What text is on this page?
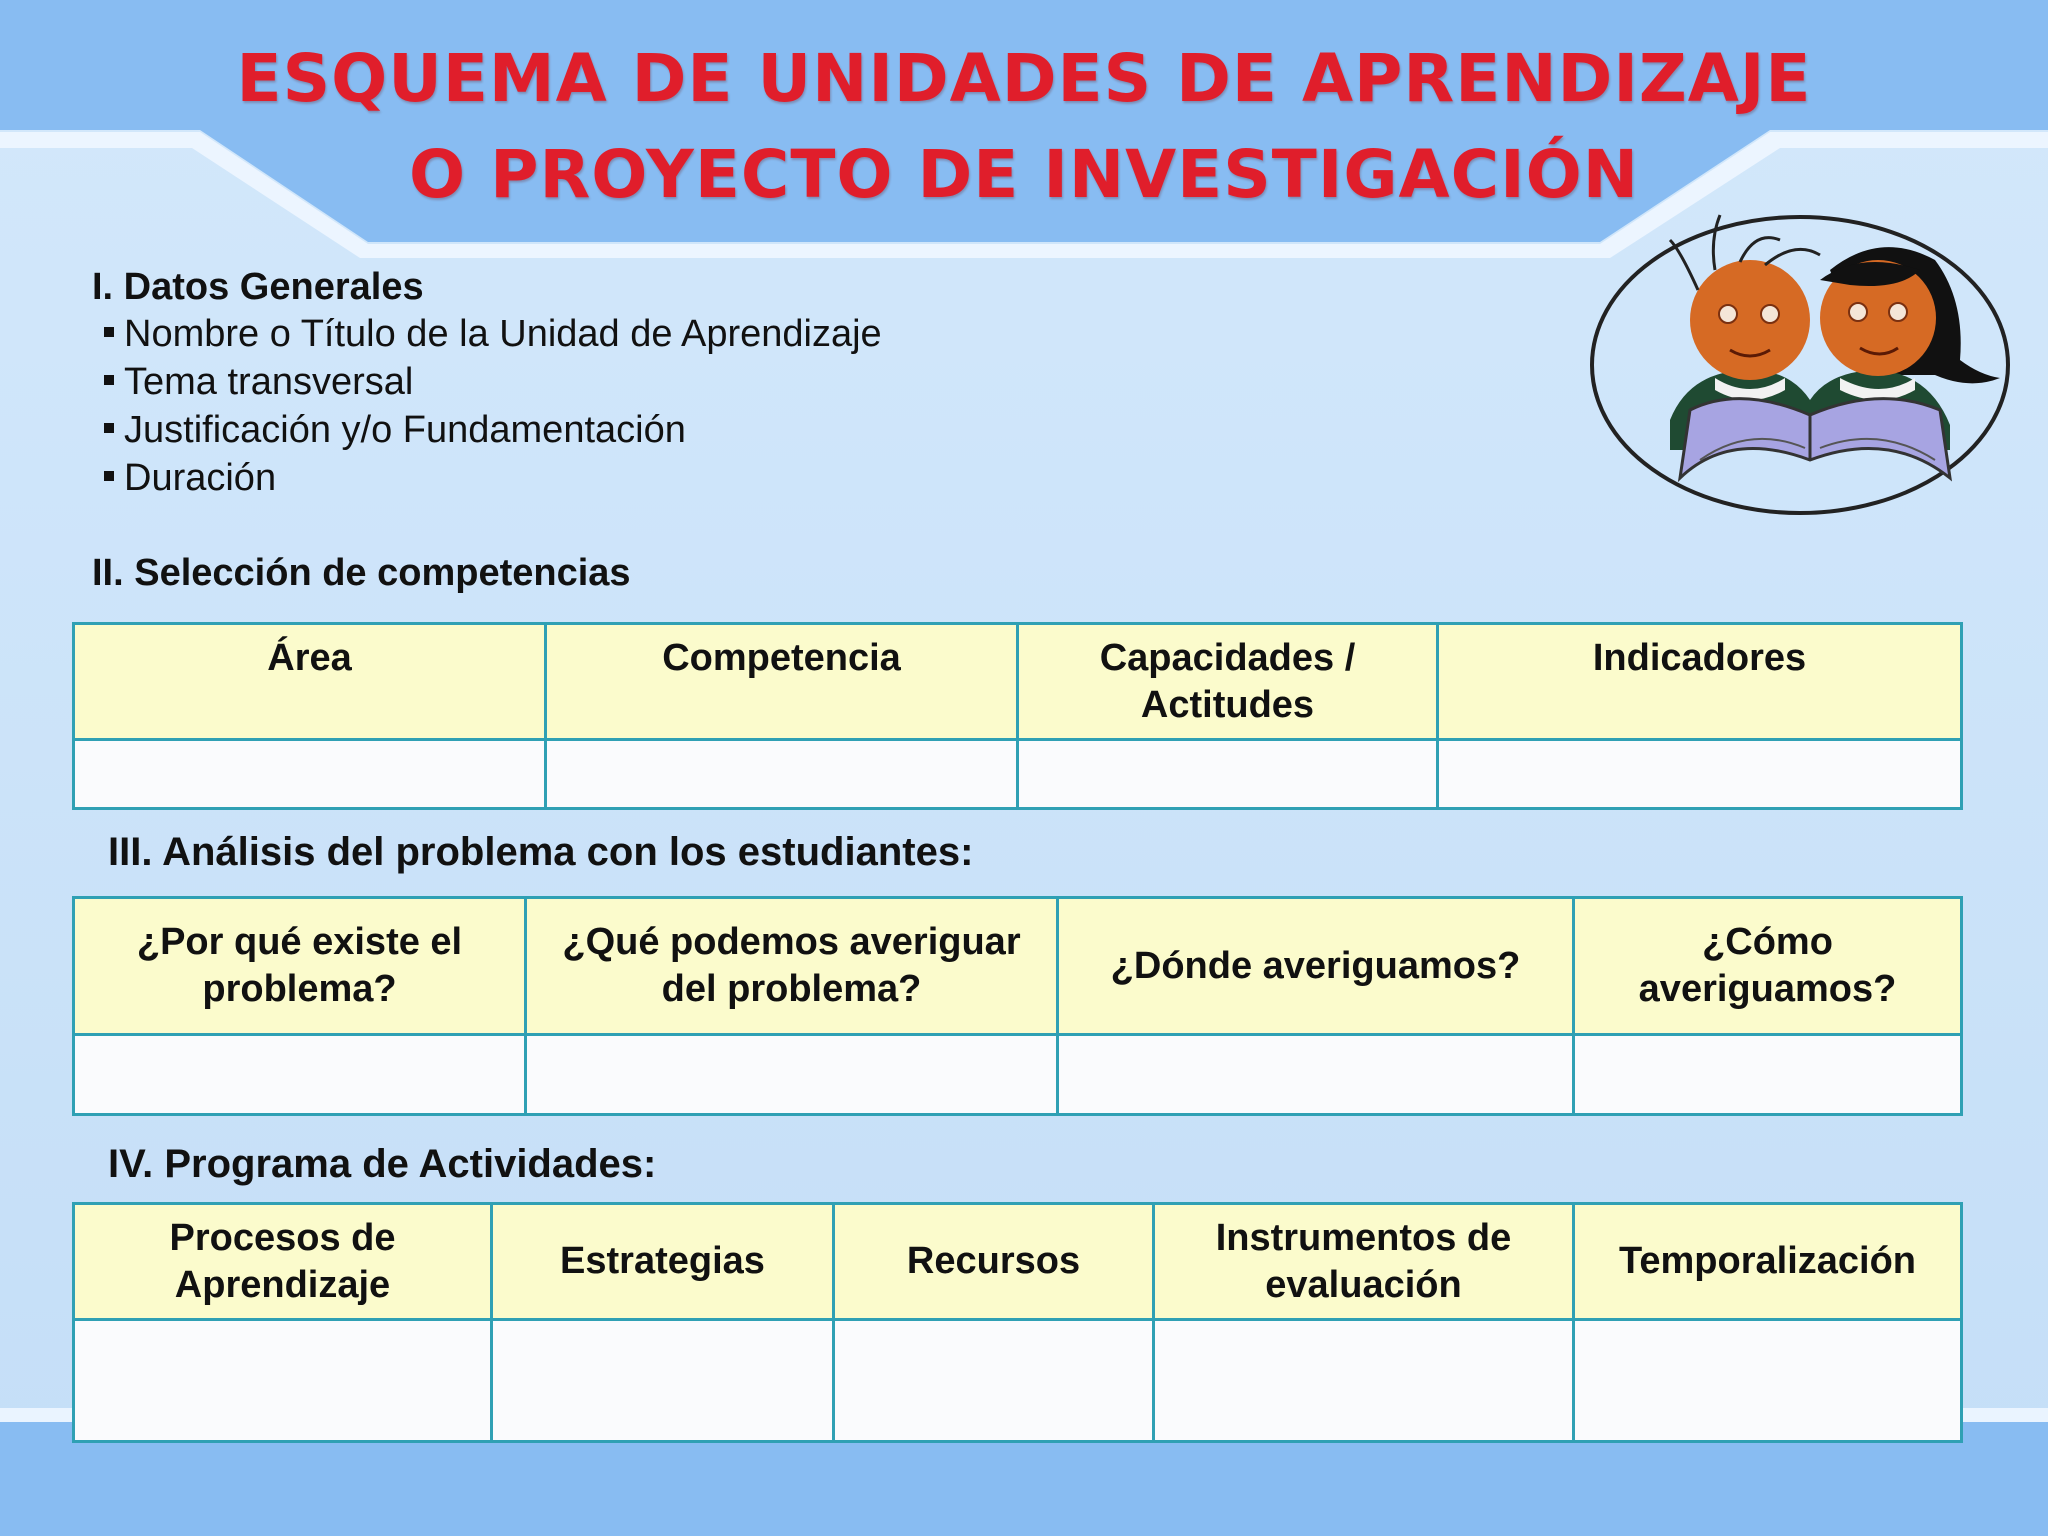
ESQUEMA DE UNIDADES DE APRENDIZAJE
O PROYECTO DE INVESTIGACIÓN
I. Datos Generales
Nombre o Título de la Unidad de Aprendizaje
Tema transversal
Justificación y/o Fundamentación
Duración
II. Selección de competencias
Área	Competencia	Capacidades / Actitudes	Indicadores

III. Análisis del problema con los estudiantes:
¿Por qué existe el problema?	¿Qué podemos averiguar del problema?	¿Dónde averiguamos?	¿Cómo averiguamos?

IV. Programa de Actividades:
Procesos de Aprendizaje	Estrategias	Recursos	Instrumentos de evaluación	Temporalización
